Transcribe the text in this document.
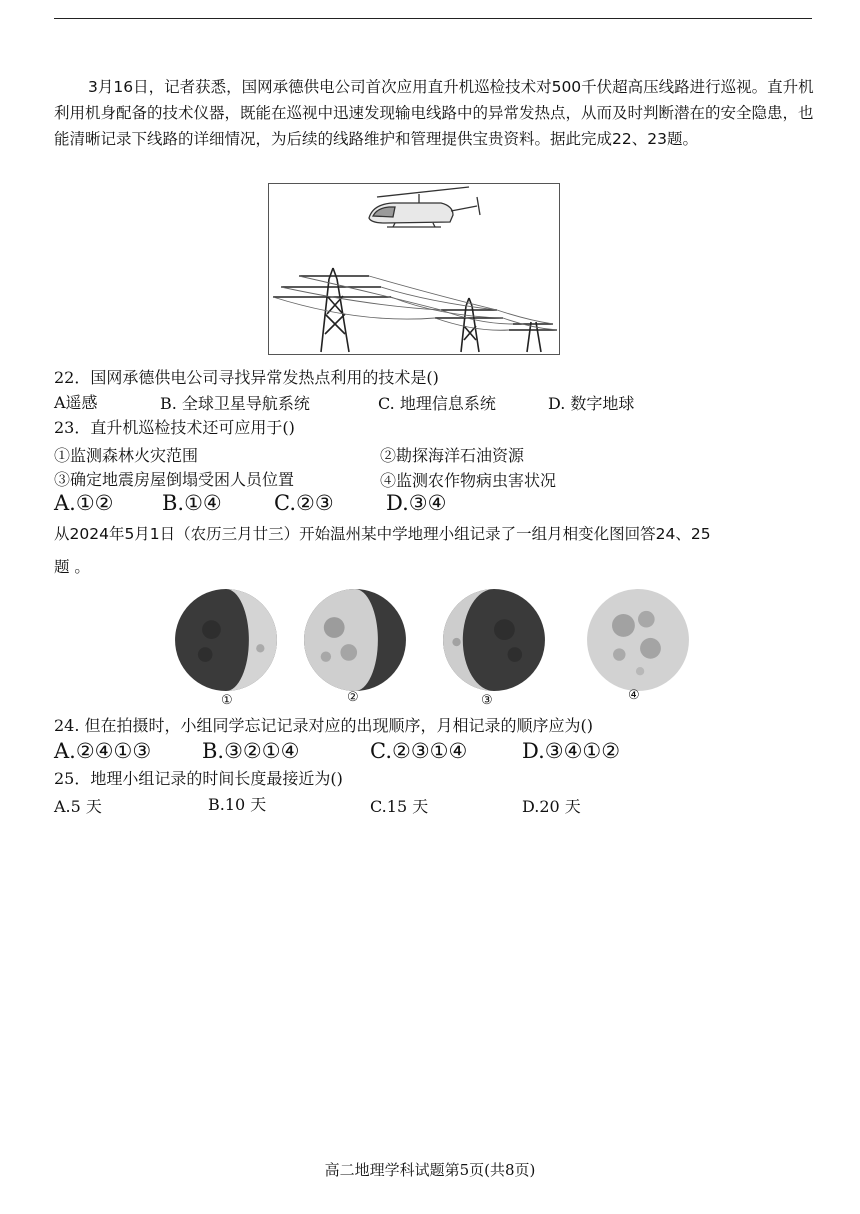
3月16日，记者获悉，国网承德供电公司首次应用直升机巡检技术对500千伏超高压线路进行巡视。直升机利用机身配备的技术仪器，既能在巡视中迅速发现输电线路中的异常发热点，从而及时判断潜在的安全隐患，也能清晰记录下线路的详细情况，为后续的线路维护和管理提供宝贵资料。据此完成22、23题。

22．国网承德供电公司寻找异常发热点利用的技术是()
A遥感	B. 全球卫星导航系统	C. 地理信息系统	D. 数字地球
23．直升机巡检技术还可应用于()
①监测森林火灾范围	②勘探海洋石油资源
③确定地震房屋倒塌受困人员位置	④监测农作物病虫害状况
A.①② B.①④ C.②③ D.③④
从2024年5月1日（农历三月廿三）开始温州某中学地理小组记录了一组月相变化图回答24、25
题 。
①	②	③	④
24. 但在拍摄时，小组同学忘记记录对应的出现顺序，月相记录的顺序应为()
A.②④①③ B.③②①④	C.②③①④	D.③④①②
25．地理小组记录的时间长度最接近为()
A.5 天	B.10 天	C.15 天	D.20 天
高二地理学科试题第5页(共8页)
